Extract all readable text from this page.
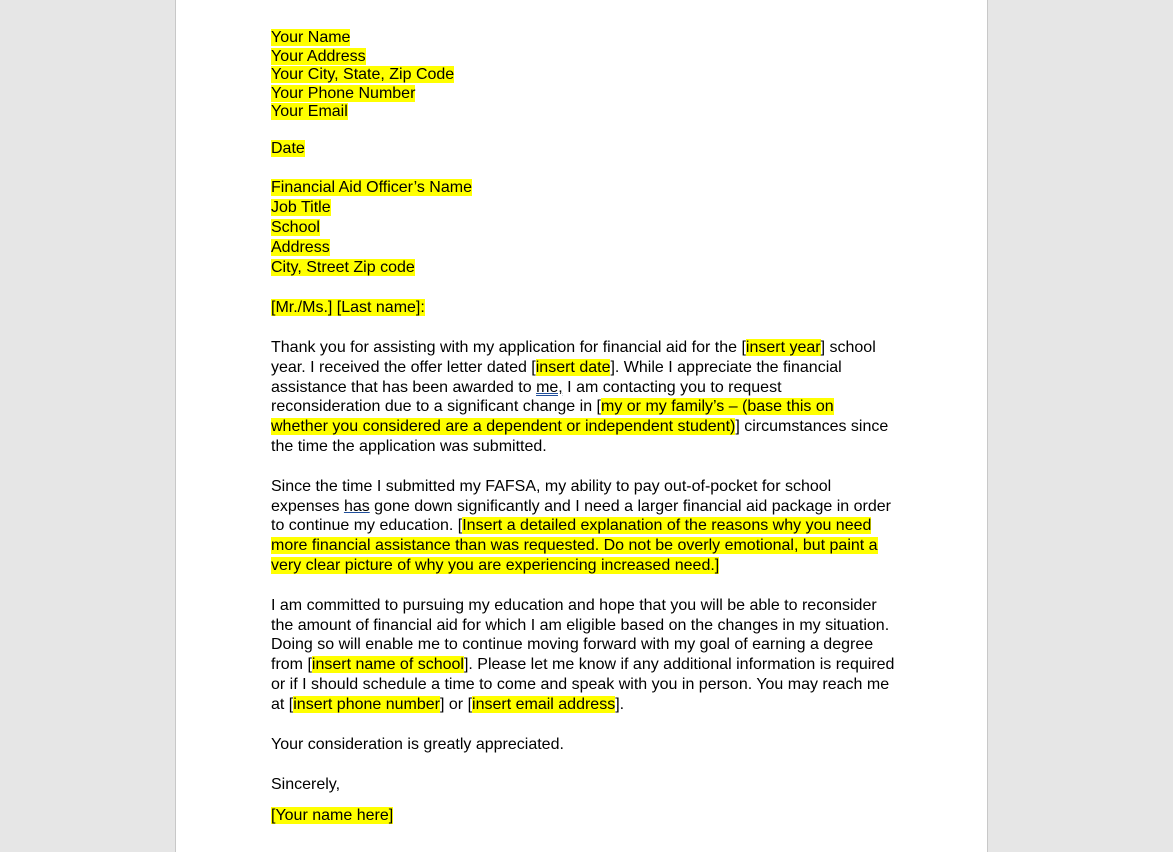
Your Name
Your Address
Your City, State, Zip Code
Your Phone Number
Your Email
Date
Financial Aid Officer’s Name
Job Title
School
Address
City, Street Zip code
[Mr./Ms.] [Last name]:
Thank you for assisting with my application for financial aid for the [insert year] school
year. I received the offer letter dated [insert date]. While I appreciate the financial
assistance that has been awarded to me, I am contacting you to request
reconsideration due to a significant change in [my or my family’s – (base this on
whether you considered are a dependent or independent student)] circumstances since
the time the application was submitted.
Since the time I submitted my FAFSA, my ability to pay out-of-pocket for school
expenses has gone down significantly and I need a larger financial aid package in order
to continue my education. [Insert a detailed explanation of the reasons why you need
more financial assistance than was requested. Do not be overly emotional, but paint a
very clear picture of why you are experiencing increased need.]
I am committed to pursuing my education and hope that you will be able to reconsider
the amount of financial aid for which I am eligible based on the changes in my situation.
Doing so will enable me to continue moving forward with my goal of earning a degree
from [insert name of school]. Please let me know if any additional information is required
or if I should schedule a time to come and speak with you in person. You may reach me
at [insert phone number] or [insert email address].
Your consideration is greatly appreciated.
Sincerely,
[Your name here]
